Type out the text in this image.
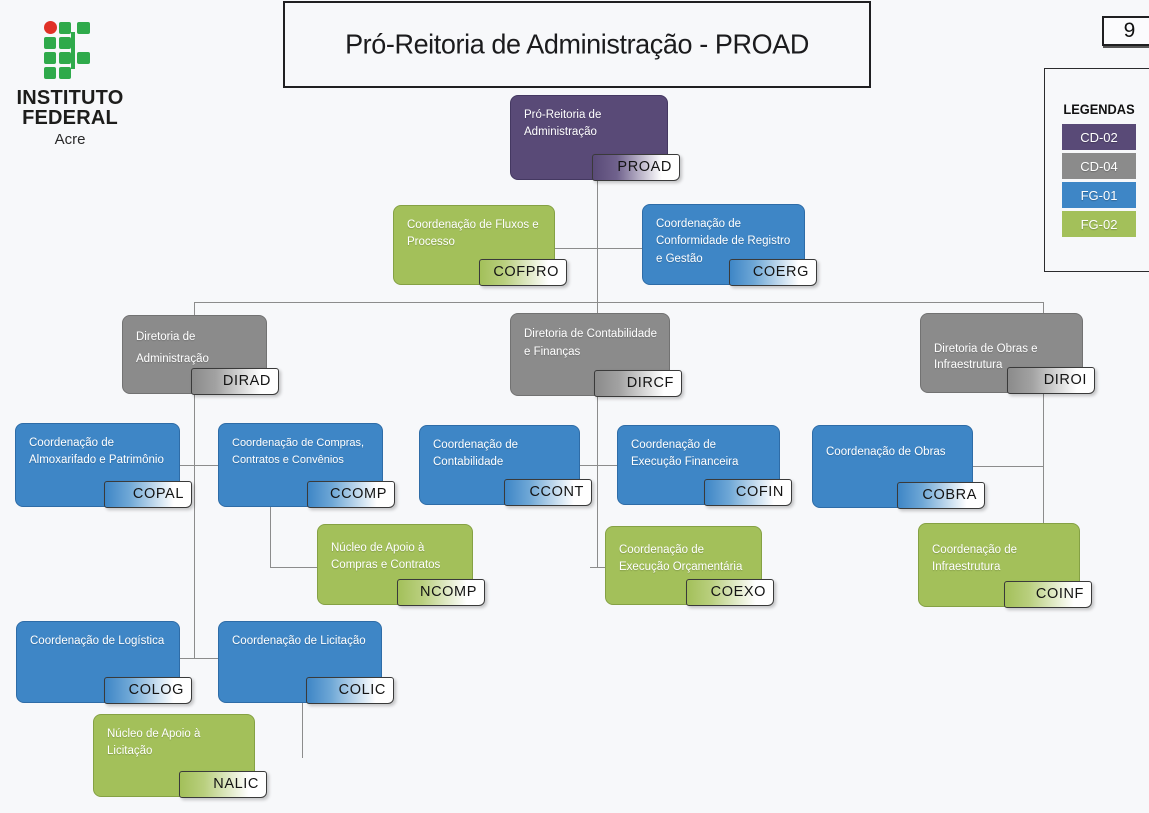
INSTITUTO
FEDERAL
Acre
Pró-Reitoria de Administração - PROAD	9
LEGENDAS
CD-02
CD-04
FG-01
FG-02
Pró-Reitoria de Administração
PROAD
Coordenação de Fluxos e Processo
COFPRO
Coordenação de Conformidade de Registro e Gestão
COERG
Diretoria de Administração
DIRAD
Diretoria de Contabilidade e Finanças
DIRCF
Diretoria de Obras e Infraestrutura
DIROI
Coordenação de Almoxarifado e Patrimônio
COPAL
Coordenação de Compras, Contratos e Convênios
CCOMP
Coordenação de Contabilidade
CCONT
Coordenação de Execução Financeira
COFIN
Coordenação de Obras
COBRA
Núcleo de Apoio à Compras e Contratos
NCOMP
Coordenação de Execução Orçamentária
COEXO
Coordenação de Infraestrutura
COINF
Coordenação de Logística
COLOG
Coordenação de Licitação
COLIC
Núcleo de Apoio à Licitação
NALIC
